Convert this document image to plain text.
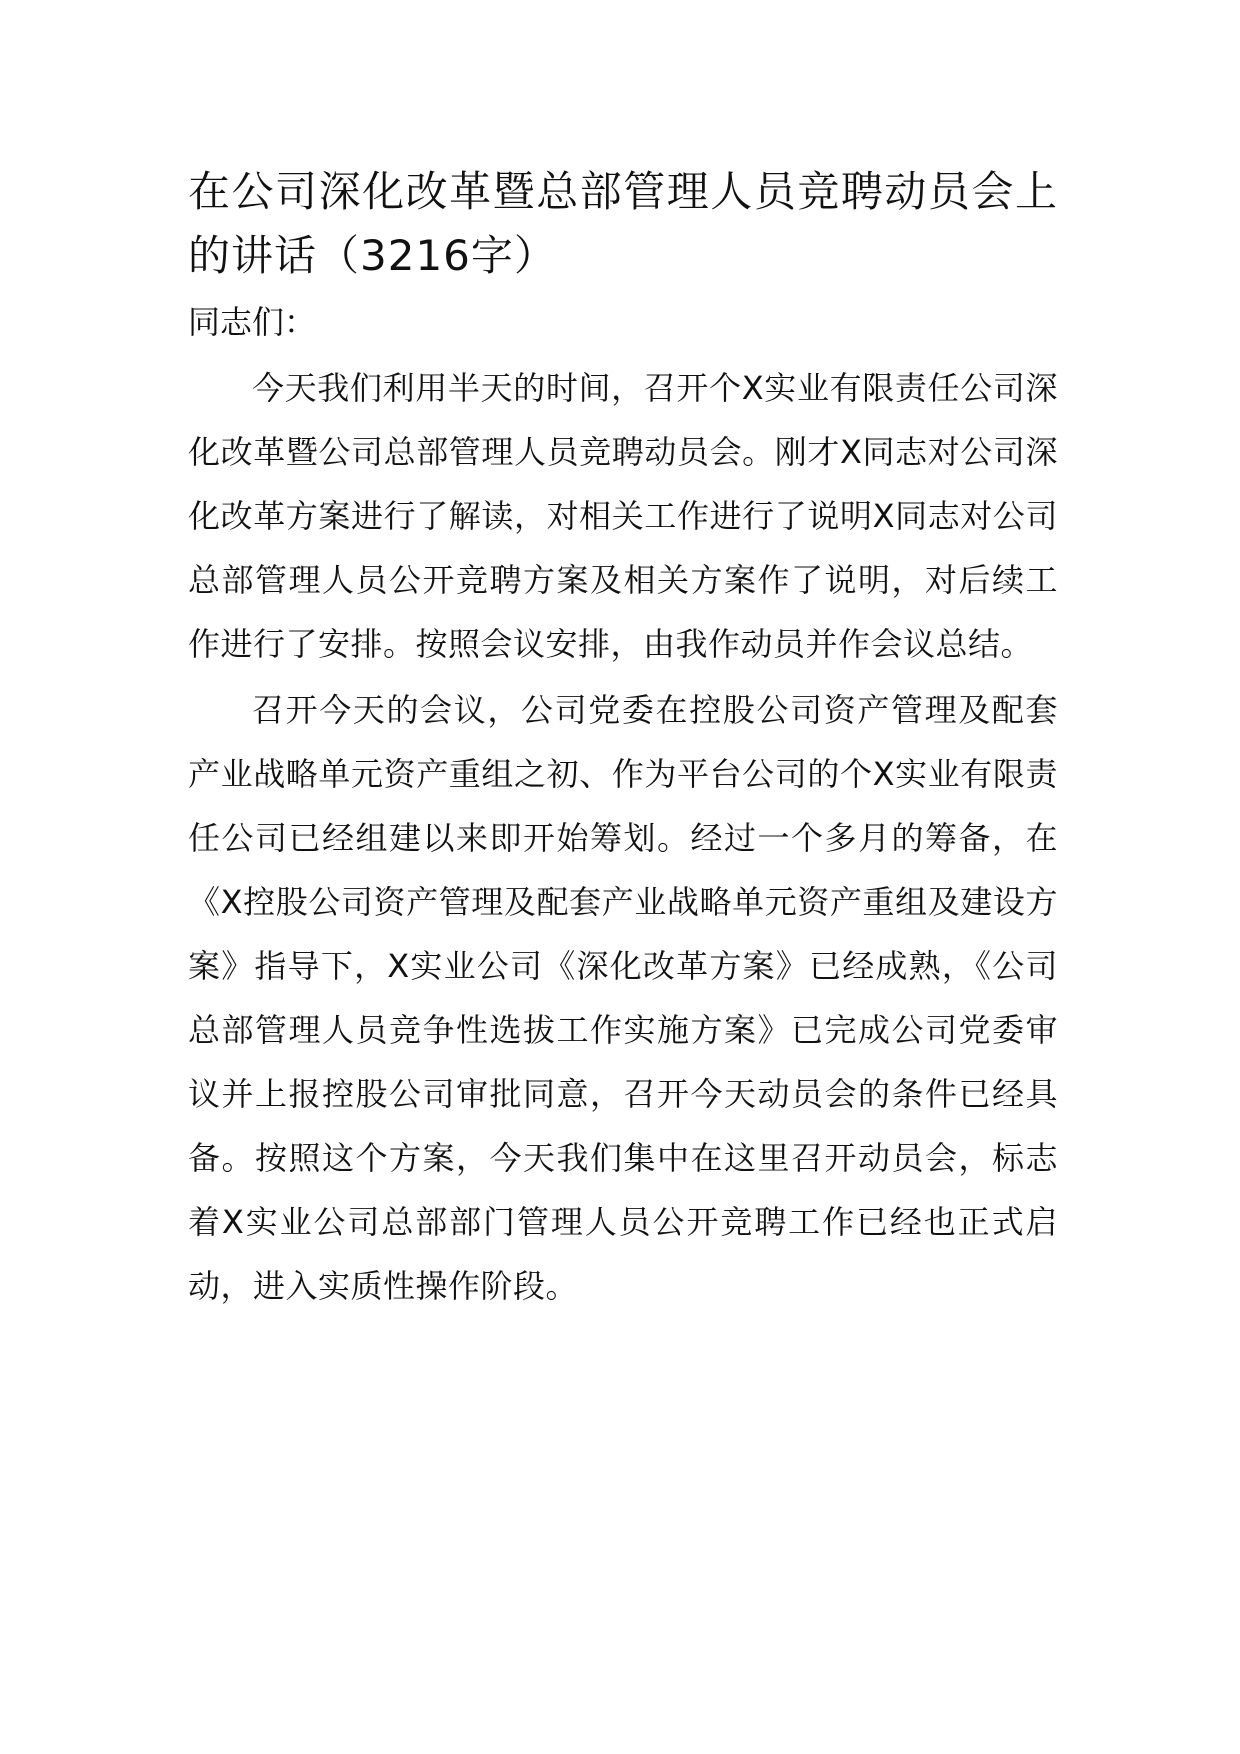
在公司深化改革暨总部管理人员竞聘动员会上的讲话（3216字）

同志们：

今天我们利用半天的时间，召开个X实业有限责任公司深化改革暨公司总部管理人员竞聘动员会。刚才X同志对公司深化改革方案进行了解读，对相关工作进行了说明X同志对公司总部管理人员公开竞聘方案及相关方案作了说明，对后续工作进行了安排。按照会议安排，由我作动员并作会议总结。

召开今天的会议，公司党委在控股公司资产管理及配套产业战略单元资产重组之初、作为平台公司的个X实业有限责任公司已经组建以来即开始筹划。经过一个多月的筹备，在《X控股公司资产管理及配套产业战略单元资产重组及建设方案》指导下，X实业公司《深化改革方案》已经成熟，《公司总部管理人员竞争性选拔工作实施方案》已完成公司党委审议并上报控股公司审批同意，召开今天动员会的条件已经具备。按照这个方案，今天我们集中在这里召开动员会，标志着X实业公司总部部门管理人员公开竞聘工作已经也正式启动，进入实质性操作阶段。
